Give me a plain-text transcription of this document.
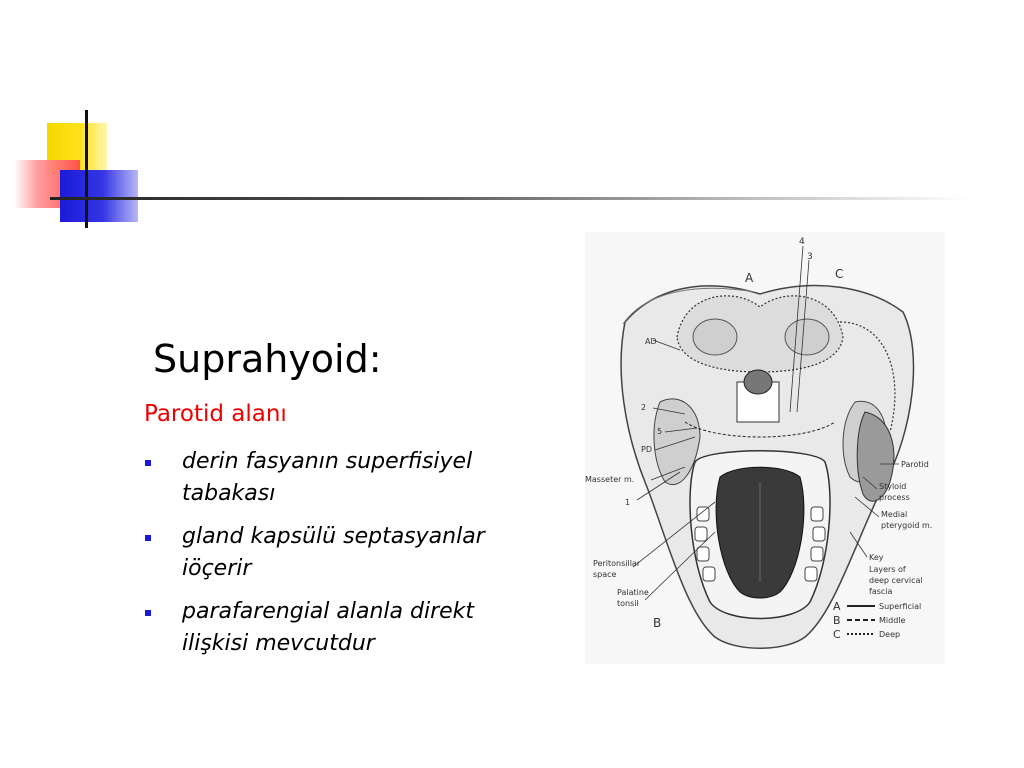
Suprahyoid:
Parotid alanı
derin fasyanın superfisiyel
tabakası
gland kapsülü septasyanlar
iöçerir
parafarengial alanla direkt
ilişkisi mevcutdur
4
3
A	C
AD
2
5
PD
Masseter m.
1
Parotid
Styloid
process
Medial
pterygoid m.
Peritonsillar
space
Palatine
tonsil
B
Key
Layers of
deep cervical
fascia
A
B
C
Superficial
Middle
Deep
